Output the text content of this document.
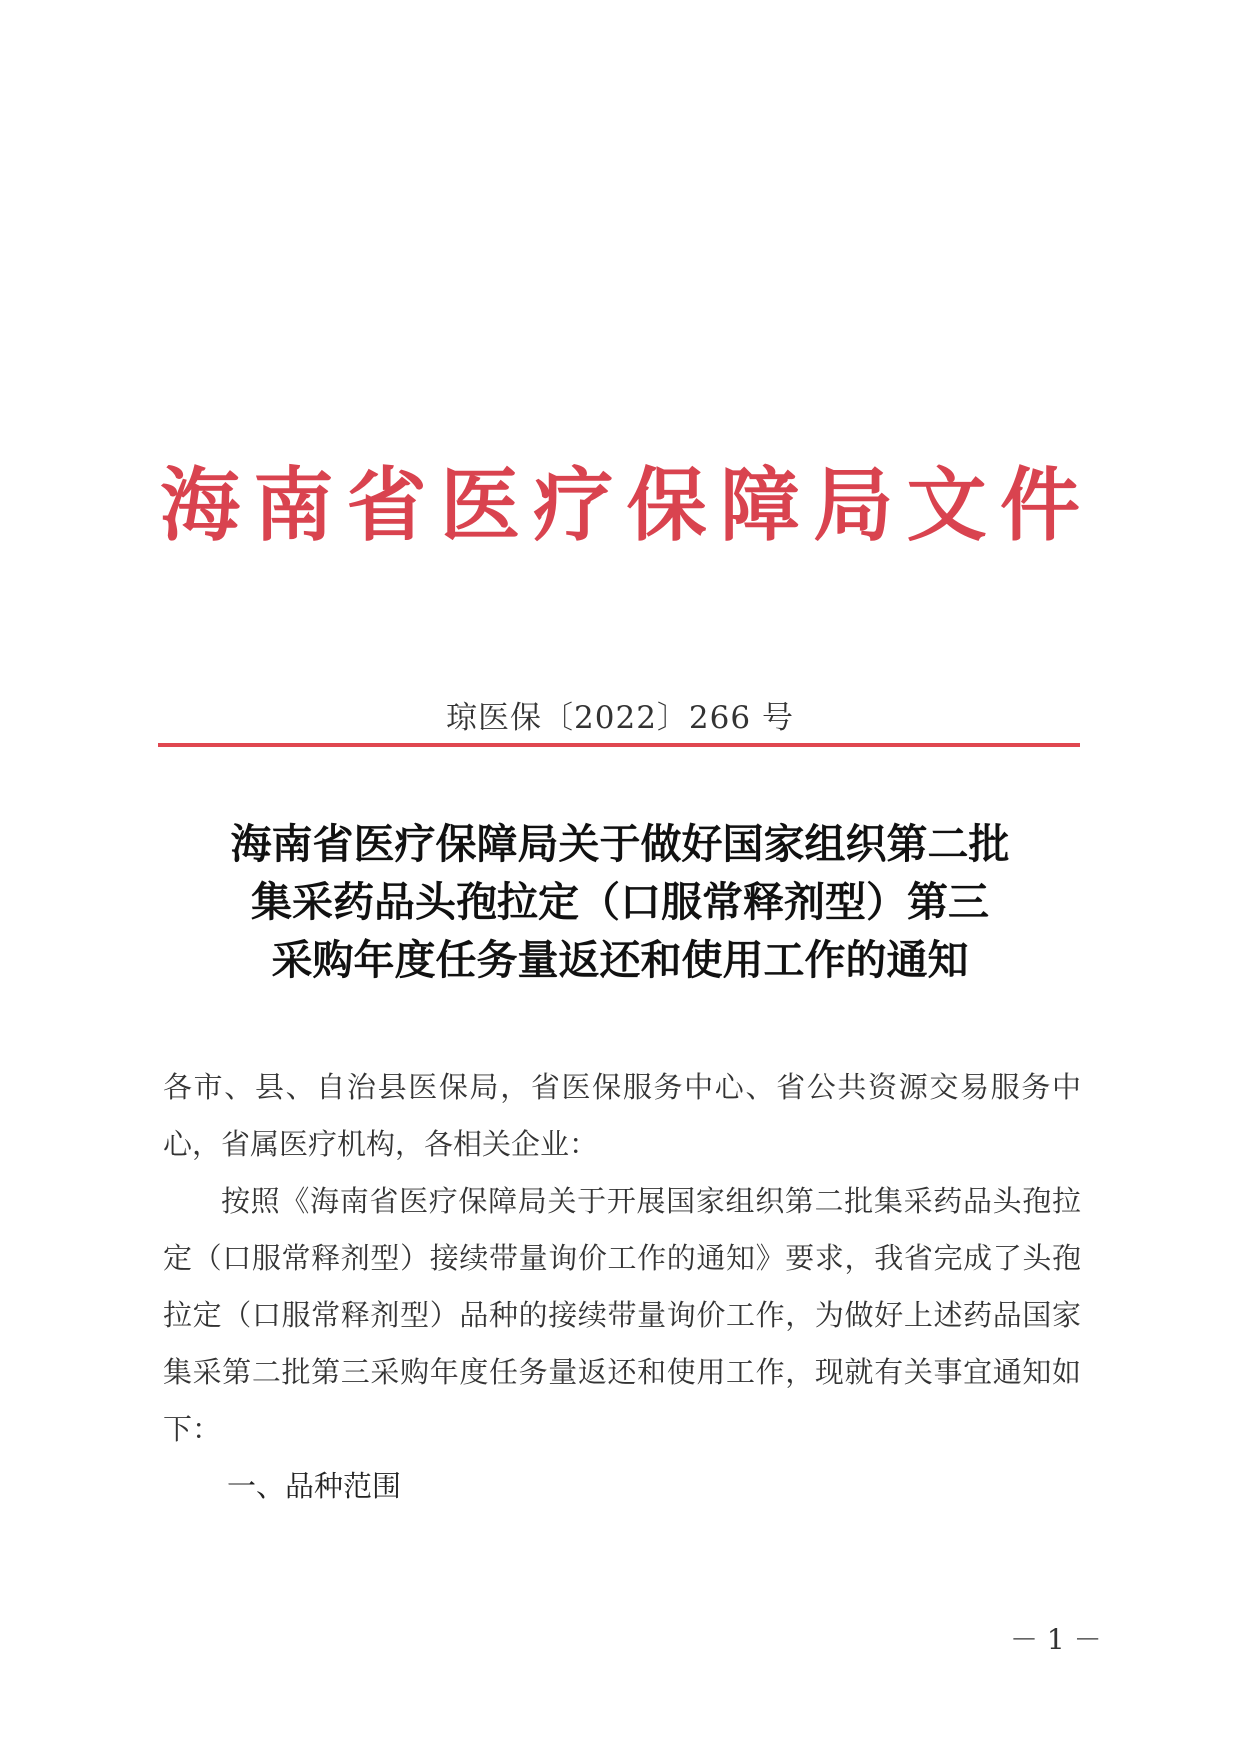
海 南 省 医 疗 保 障 局 文 件
琼医保〔2022〕266 号
海南省医疗保障局关于做好国家组织第二批
集采药品头孢拉定（口服常释剂型）第三
采购年度任务量返还和使用工作的通知

各市、县、自治县医保局，省医保服务中心、省公共资源交易服务中心，省属医疗机构，各相关企业：

按照《海南省医疗保障局关于开展国家组织第二批集采药品头孢拉定（口服常释剂型）接续带量询价工作的通知》要求，我省完成了头孢拉定（口服常释剂型）品种的接续带量询价工作，为做好上述药品国家集采第二批第三采购年度任务量返还和使用工作，现就有关事宜通知如下：

一、品种范围

－ 1 －
